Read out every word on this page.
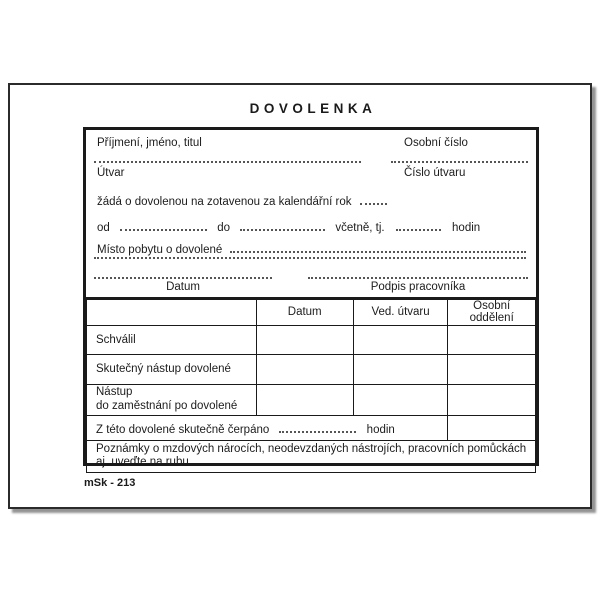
DOVOLENKA
Příjmení, jméno, titul	Osobní číslo
Útvar	Číslo útvaru
žádá o dovolenou na zotavenou za kalendářní rok
od	do	včetně, tj.	hodin
Místo pobytu o dovolené
Datum	Podpis pracovníka
	Datum	Ved. útvaru	Osobní oddělení
Schválil			
Skutečný nástup dovolené			

Nástup
do zaměstnání po dovolené			

Z této dovolené skutečně čerpáno hodin			
Poznámky o mzdových nárocích, neodevzdaných nástrojích, pracovních pomůckách aj. uveďte na rubu.			
mSk - 213
